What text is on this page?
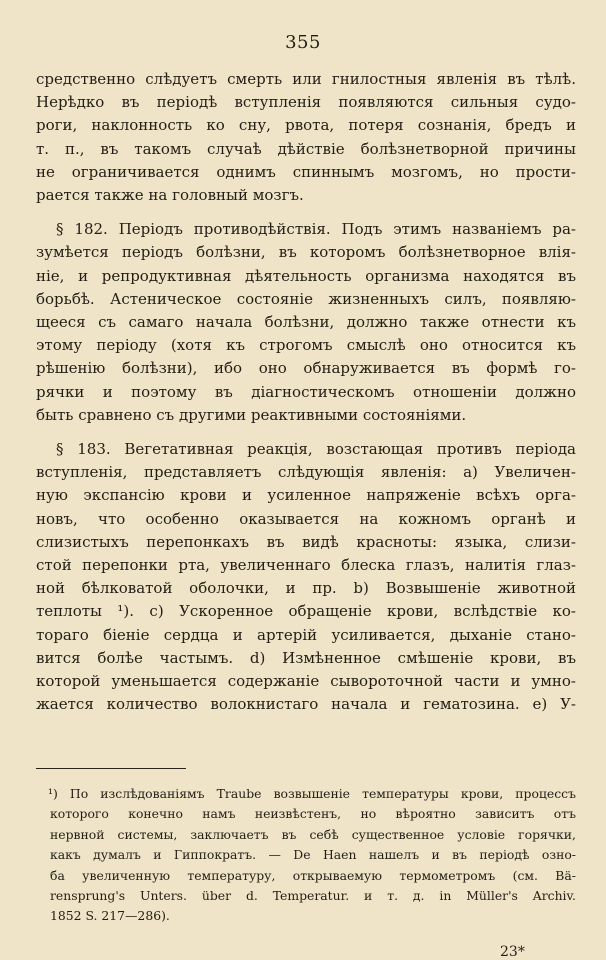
355

средственно слѣдуетъ смерть или гнилостныя явленія въ тѣлѣ.
Нерѣдко въ періодѣ вступленія появляются сильныя судо-
роги, наклонность ко сну, рвота, потеря сознанія, бредъ и
т. п., въ такомъ случаѣ дѣйствіе болѣзнетворной причины
не ограничивается однимъ спиннымъ мозгомъ, но прости-
рается также на головный мозгъ.

§ 182. Періодъ противодѣйствія. Подъ этимъ названіемъ ра-
зумѣется періодъ болѣзни, въ которомъ болѣзнетворное влія-
ніе, и репродуктивная дѣятельность организма находятся въ
борьбѣ. Астеническое состояніе жизненныхъ силъ, появляю-
щееся съ самаго начала болѣзни, должно также отнести къ
этому періоду (хотя къ строгомъ смыслѣ оно относится къ
рѣшенію болѣзни), ибо оно обнаруживается въ формѣ го-
рячки и поэтому въ діагностическомъ отношеніи должно
быть сравнено съ другими реактивными состояніями.

§ 183. Вегетативная реакція, возстающая противъ періода
вступленія, представляетъ слѣдующія явленія: a) Увеличен-
ную экспансію крови и усиленное напряженіе всѣхъ орга-
новъ, что особенно оказывается на кожномъ органѣ и
слизистыхъ перепонкахъ въ видѣ красноты: языка, слизи-
стой перепонки рта, увеличеннаго блеска глазъ, налитія глаз-
ной бѣлковатой оболочки, и пр. b) Возвышеніе животной
теплоты ¹). c) Ускоренное обращеніе крови, вслѣдствіе ко-
тораго біеніе сердца и артерій усиливается, дыханіе стано-
вится болѣе частымъ. d) Измѣненное смѣшеніе крови, въ
которой уменьшается содержаніе сывороточной части и умно-
жается количество волокнистаго начала и гематозина. e) У-

¹) По изслѣдованіямъ Traube возвышеніе температуры крови, процессъ
которого конечно намъ неизвѣстенъ, но вѣроятно зависитъ отъ
нервной системы, заключаетъ въ себѣ существенное условіе горячки,
какъ думалъ и Гиппократъ. — De Haen нашелъ и въ періодѣ озно-
ба увеличенную температуру, открываемую термометромъ (см. Bä-
rensprung's Unters. über d. Temperatur. и т. д. in Müller's Archiv.
1852 S. 217—286).
23*
